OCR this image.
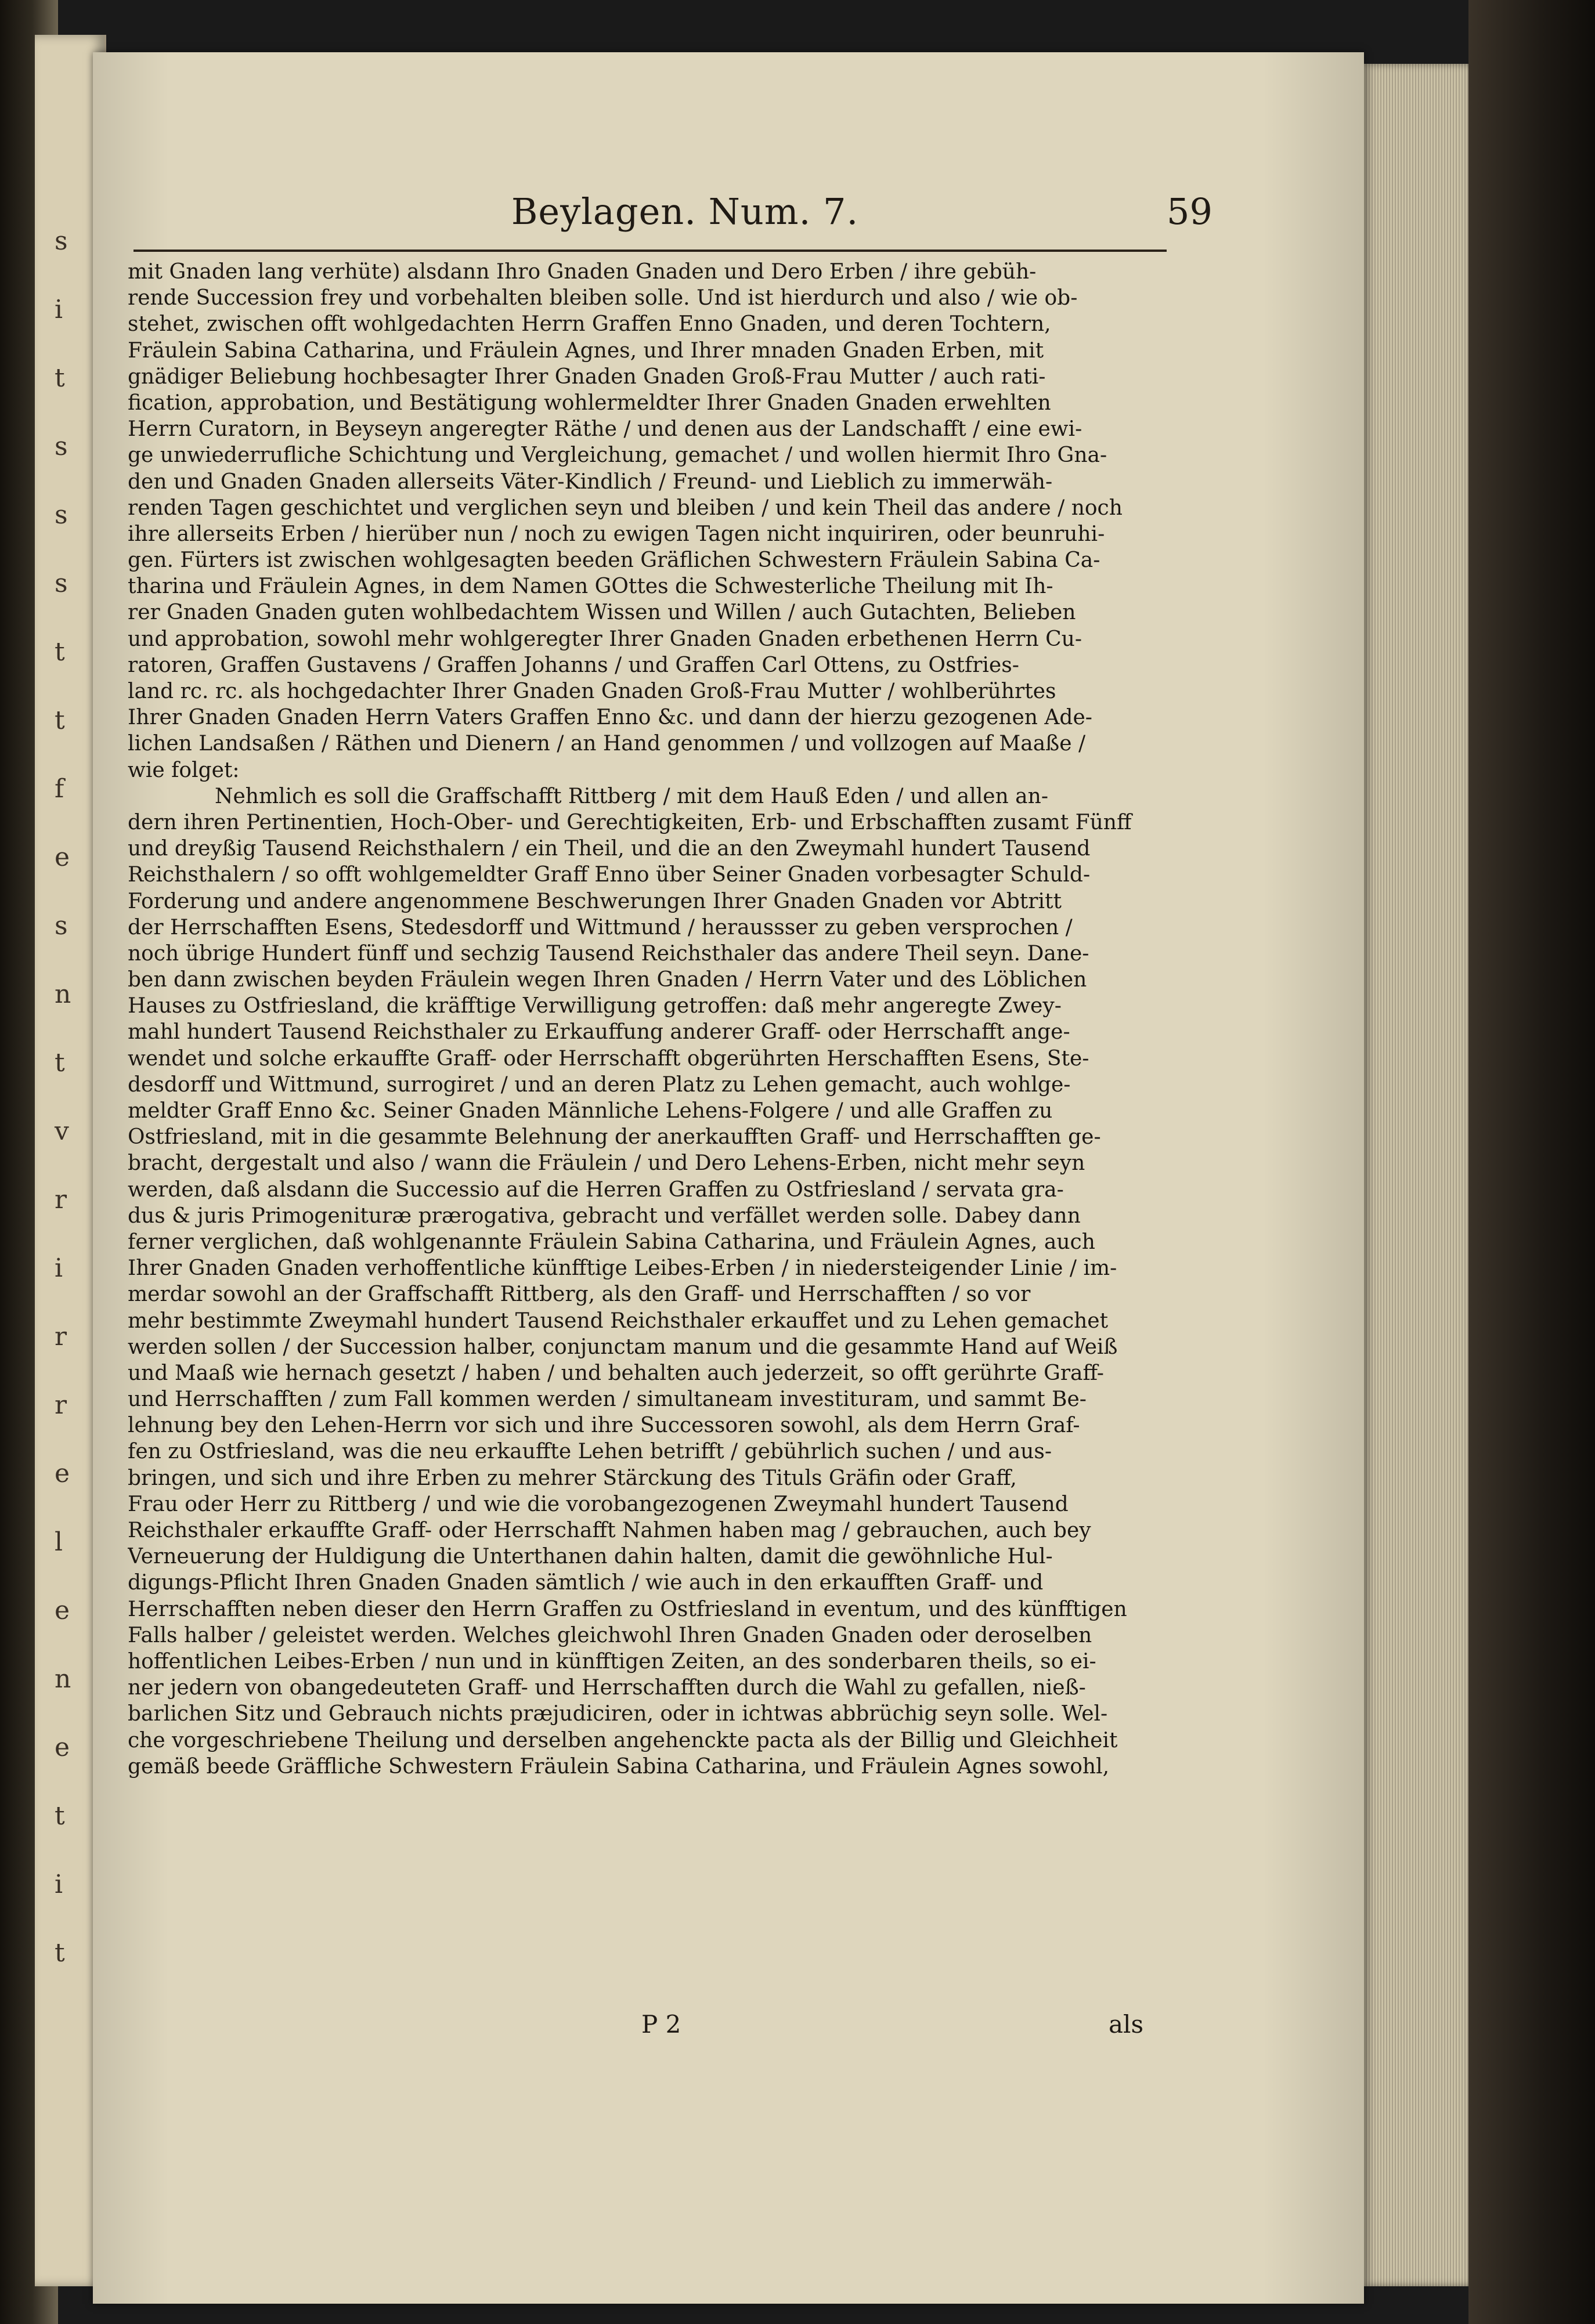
s
i
t
s
s
s
t
t
f
e
s
n
t
v
r
i
r
r
e
l
e
n
e
t
i
t
Beylagen. Num. 7.	59
mit Gnaden lang verhüte) alsdann Ihro Gnaden Gnaden und Dero Erben / ihre gebüh-
rende Succession frey und vorbehalten bleiben solle. Und ist hierdurch und also / wie ob-
stehet, zwischen offt wohlgedachten Herrn Graffen Enno Gnaden, und deren Tochtern,
Fräulein Sabina Catharina, und Fräulein Agnes, und Ihrer mnaden Gnaden Erben, mit
gnädiger Beliebung hochbesagter Ihrer Gnaden Gnaden Groß-Frau Mutter / auch rati-
fication, approbation, und Bestätigung wohlermeldter Ihrer Gnaden Gnaden erwehlten
Herrn Curatorn, in Beyseyn angeregter Räthe / und denen aus der Landschafft / eine ewi-
ge unwiederrufliche Schichtung und Vergleichung, gemachet / und wollen hiermit Ihro Gna-
den und Gnaden Gnaden allerseits Väter-Kindlich / Freund- und Lieblich zu immerwäh-
renden Tagen geschichtet und verglichen seyn und bleiben / und kein Theil das andere / noch
ihre allerseits Erben / hierüber nun / noch zu ewigen Tagen nicht inquiriren, oder beunruhi-
gen. Fürters ist zwischen wohlgesagten beeden Gräflichen Schwestern Fräulein Sabina Ca-
tharina und Fräulein Agnes, in dem Namen GOttes die Schwesterliche Theilung mit Ih-
rer Gnaden Gnaden guten wohlbedachtem Wissen und Willen / auch Gutachten, Belieben
und approbation, sowohl mehr wohlgeregter Ihrer Gnaden Gnaden erbethenen Herrn Cu-
ratoren, Graffen Gustavens / Graffen Johanns / und Graffen Carl Ottens, zu Ostfries-
land rc. rc. als hochgedachter Ihrer Gnaden Gnaden Groß-Frau Mutter / wohlberührtes
Ihrer Gnaden Gnaden Herrn Vaters Graffen Enno &c. und dann der hierzu gezogenen Ade-
lichen Landsaßen / Räthen und Dienern / an Hand genommen / und vollzogen auf Maaße /
wie folget:
Nehmlich es soll die Graffschafft Rittberg / mit dem Hauß Eden / und allen an-
dern ihren Pertinentien, Hoch-Ober- und Gerechtigkeiten, Erb- und Erbschafften zusamt Fünff
und dreyßig Tausend Reichsthalern / ein Theil, und die an den Zweymahl hundert Tausend
Reichsthalern / so offt wohlgemeldter Graff Enno über Seiner Gnaden vorbesagter Schuld-
Forderung und andere angenommene Beschwerungen Ihrer Gnaden Gnaden vor Abtritt
der Herrschafften Esens, Stedesdorff und Wittmund / heraussser zu geben versprochen /
noch übrige Hundert fünff und sechzig Tausend Reichsthaler das andere Theil seyn. Dane-
ben dann zwischen beyden Fräulein wegen Ihren Gnaden / Herrn Vater und des Löblichen
Hauses zu Ostfriesland, die kräfftige Verwilligung getroffen: daß mehr angeregte Zwey-
mahl hundert Tausend Reichsthaler zu Erkauffung anderer Graff- oder Herrschafft ange-
wendet und solche erkauffte Graff- oder Herrschafft obgerührten Herschafften Esens, Ste-
desdorff und Wittmund, surrogiret / und an deren Platz zu Lehen gemacht, auch wohlge-
meldter Graff Enno &c. Seiner Gnaden Männliche Lehens-Folgere / und alle Graffen zu
Ostfriesland, mit in die gesammte Belehnung der anerkaufften Graff- und Herrschafften ge-
bracht, dergestalt und also / wann die Fräulein / und Dero Lehens-Erben, nicht mehr seyn
werden, daß alsdann die Successio auf die Herren Graffen zu Ostfriesland / servata gra-
dus & juris Primogenituræ prærogativa, gebracht und verfället werden solle. Dabey dann
ferner verglichen, daß wohlgenannte Fräulein Sabina Catharina, und Fräulein Agnes, auch
Ihrer Gnaden Gnaden verhoffentliche künfftige Leibes-Erben / in niedersteigender Linie / im-
merdar sowohl an der Graffschafft Rittberg, als den Graff- und Herrschafften / so vor
mehr bestimmte Zweymahl hundert Tausend Reichsthaler erkauffet und zu Lehen gemachet
werden sollen / der Succession halber, conjunctam manum und die gesammte Hand auf Weiß
und Maaß wie hernach gesetzt / haben / und behalten auch jederzeit, so offt gerührte Graff-
und Herrschafften / zum Fall kommen werden / simultaneam investituram, und sammt Be-
lehnung bey den Lehen-Herrn vor sich und ihre Successoren sowohl, als dem Herrn Graf-
fen zu Ostfriesland, was die neu erkauffte Lehen betrifft / gebührlich suchen / und aus-
bringen, und sich und ihre Erben zu mehrer Stärckung des Tituls Gräfin oder Graff,
Frau oder Herr zu Rittberg / und wie die vorobangezogenen Zweymahl hundert Tausend
Reichsthaler erkauffte Graff- oder Herrschafft Nahmen haben mag / gebrauchen, auch bey
Verneuerung der Huldigung die Unterthanen dahin halten, damit die gewöhnliche Hul-
digungs-Pflicht Ihren Gnaden Gnaden sämtlich / wie auch in den erkaufften Graff- und
Herrschafften neben dieser den Herrn Graffen zu Ostfriesland in eventum, und des künfftigen
Falls halber / geleistet werden. Welches gleichwohl Ihren Gnaden Gnaden oder deroselben
hoffentlichen Leibes-Erben / nun und in künfftigen Zeiten, an des sonderbaren theils, so ei-
ner jedern von obangedeuteten Graff- und Herrschafften durch die Wahl zu gefallen, nieß-
barlichen Sitz und Gebrauch nichts præjudiciren, oder in ichtwas abbrüchig seyn solle. Wel-
che vorgeschriebene Theilung und derselben angehenckte pacta als der Billig und Gleichheit
gemäß beede Gräffliche Schwestern Fräulein Sabina Catharina, und Fräulein Agnes sowohl,
P 2	als
